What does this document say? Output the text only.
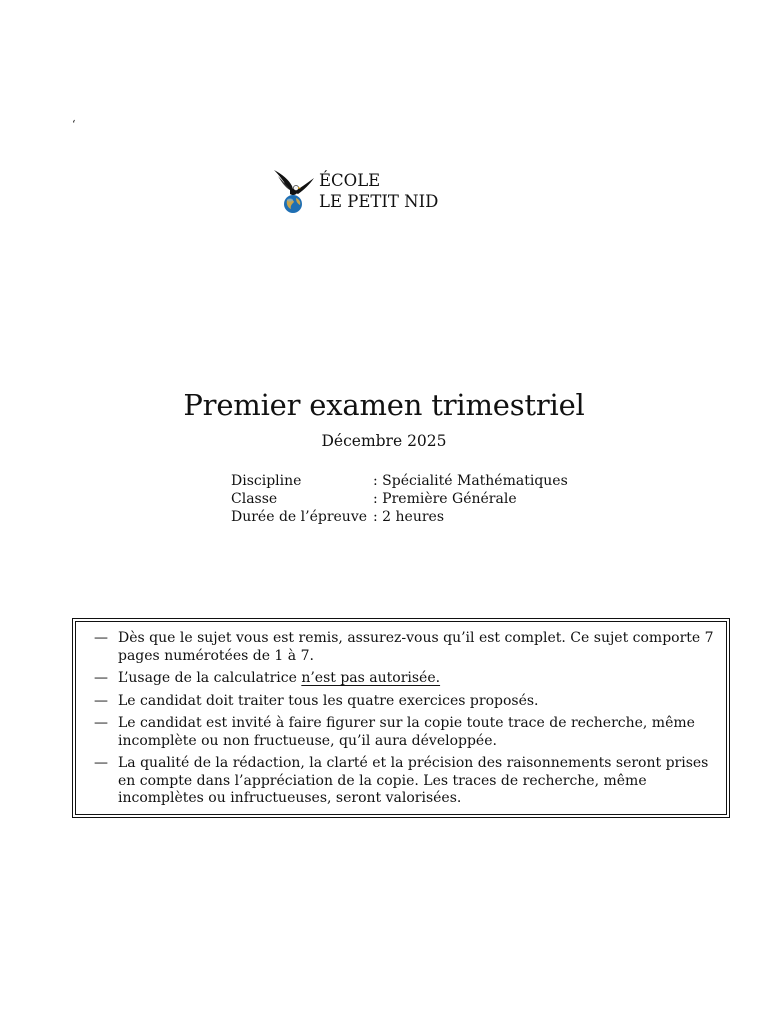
‘
ÉCOLE
LE PETIT NID
Premier examen trimestriel
Décembre 2025
Discipline	: Spécialité Mathématiques
Classe	: Première Générale
Durée de l’épreuve	: 2 heures
— Dès que le sujet vous est remis, assurez-vous qu’il est complet. Ce sujet comporte 7 pages numérotées de 1 à 7.
— L’usage de la calculatrice n’est pas autorisée.
— Le candidat doit traiter tous les quatre exercices proposés.
— Le candidat est invité à faire figurer sur la copie toute trace de recherche, même incomplète ou non fructueuse, qu’il aura développée.
— La qualité de la rédaction, la clarté et la précision des raisonnements seront prises en compte dans l’appréciation de la copie. Les traces de recherche, même incomplètes ou infructueuses, seront valorisées.
